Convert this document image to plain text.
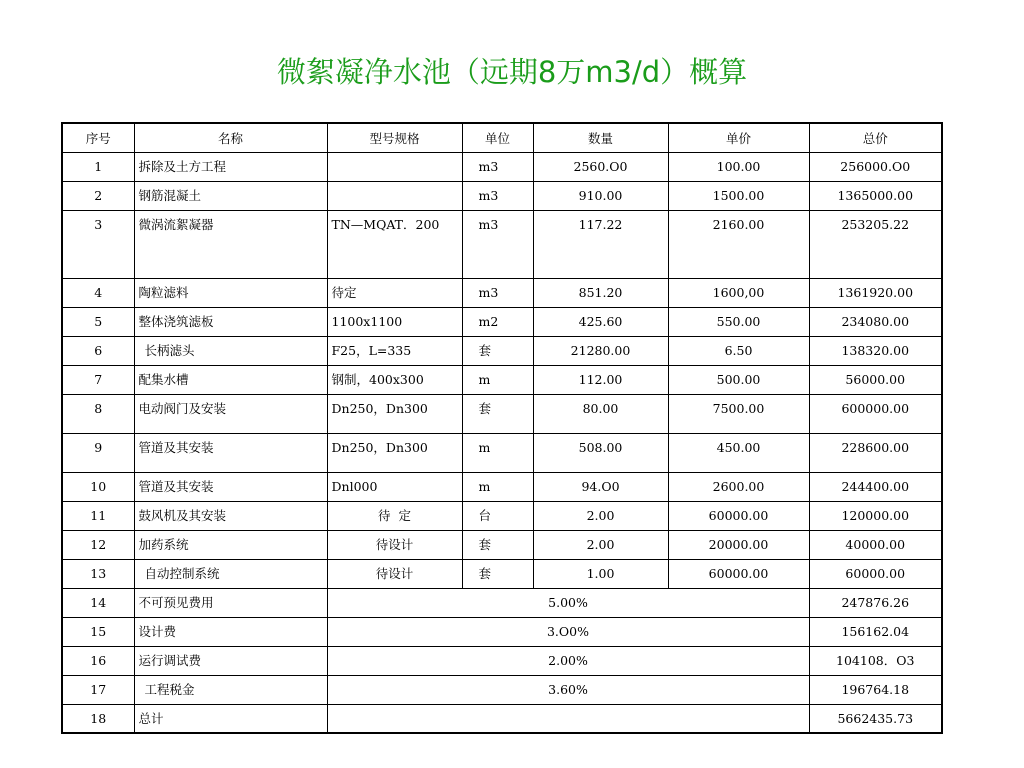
微絮凝净水池（远期8万m3/d）概算
序号	名称	型号规格	单位	数量	单价	总价
1	拆除及土方工程		m3	2560.O0	100.00	256000.O0
2	钢筋混凝土		m3	910.00	1500.00	1365000.00
3	微涡流絮凝器	TN—MQAT．200	m3	117.22	2160.00	253205.22
4	陶粒滤料	待定	m3	851.20	1600,00	1361920.00
5	整体浇筑滤板	1100x1100	m2	425.60	550.00	234080.00
6	长柄滤头	F25，L=335	套	21280.00	6.50	138320.00
7	配集水槽	钢制，400x300	m	112.00	500.00	56000.00
8	电动阀门及安装	Dn250，Dn300	套	80.00	7500.00	600000.00
9	管道及其安装	Dn250，Dn300	m	508.00	450.00	228600.00
10	管道及其安装	Dnl000	m	94.O0	2600.00	244400.00
11	鼓风机及其安装	待  定	台	2.00	60000.00	120000.00
12	加药系统	待设计	套	2.00	20000.00	40000.00
13	自动控制系统	待设计	套	1.00	60000.00	60000.00
14	不可预见费用	5.00%				247876.26
15	设计费	3.O0%				156162.04
16	运行调试费	2.00%				104108．O3
17	工程税金	3.60%				196764.18
18	总计					5662435.73
